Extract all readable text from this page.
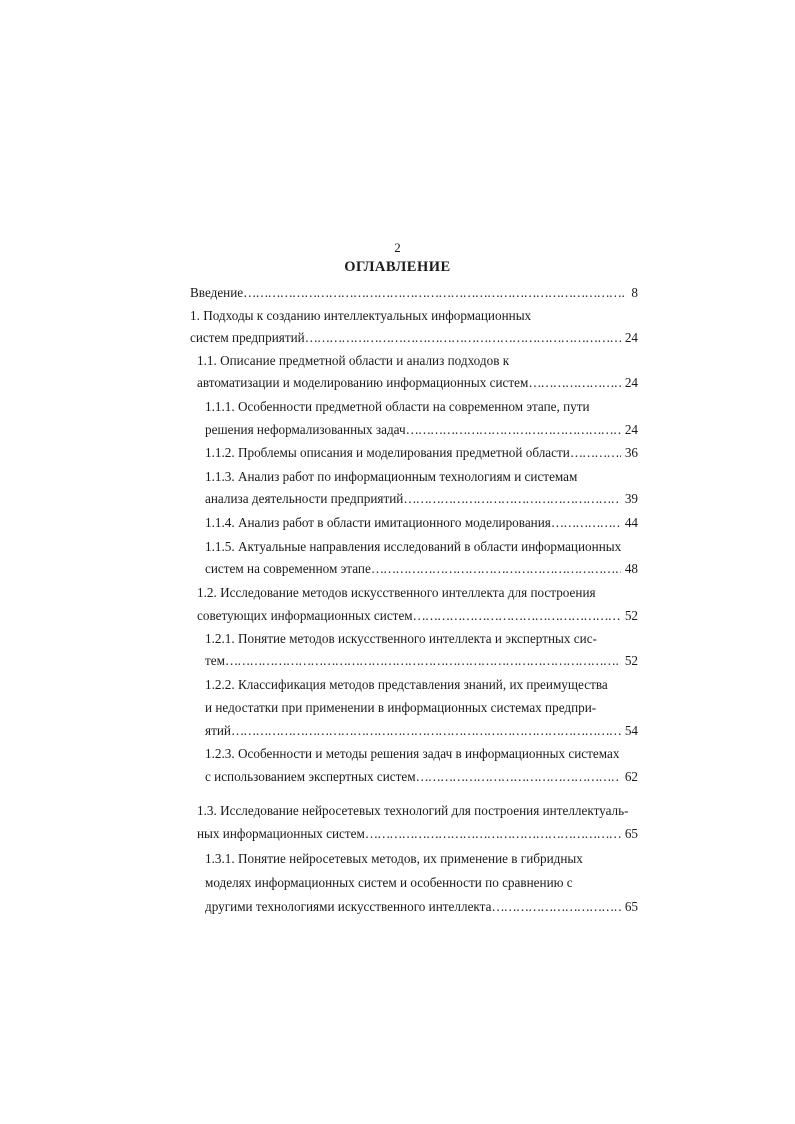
2
ОГЛАВЛЕНИЕ
Введение …………………………………………………………………………………………………………………………………………………………………………	8
1. Подходы к созданию интеллектуальных информационных
систем предприятий …………………………………………………………………………………………………………………………………………………………………………	24
1.1. Описание предметной области и анализ подходов к
автоматизации и моделированию информационных систем …………………………………………………………………………………………………………………………………………………………………………	24
1.1.1. Особенности предметной области на современном этапе, пути
решения неформализованных задач …………………………………………………………………………………………………………………………………………………………………………	24
1.1.2. Проблемы описания и моделирования предметной области …………………………………………………………………………………………………………………………………………………………………………	36
1.1.3. Анализ работ по информационным технологиям и системам
анализа деятельности предприятий …………………………………………………………………………………………………………………………………………………………………………	39
1.1.4. Анализ работ в области имитационного моделирования …………………………………………………………………………………………………………………………………………………………………………	44
1.1.5. Актуальные направления исследований в области информационных
систем на современном этапе …………………………………………………………………………………………………………………………………………………………………………	48
1.2. Исследование методов искусственного интеллекта для построения
советующих информационных систем …………………………………………………………………………………………………………………………………………………………………………	52
1.2.1. Понятие методов искусственного интеллекта и экспертных сис-
тем …………………………………………………………………………………………………………………………………………………………………………	52
1.2.2. Классификация методов представления знаний, их преимущества
и недостатки при применении в информационных системах предпри-
ятий …………………………………………………………………………………………………………………………………………………………………………	54
1.2.3. Особенности и методы решения задач в информационных системах
с использованием экспертных систем …………………………………………………………………………………………………………………………………………………………………………	62
1.3. Исследование нейросетевых технологий для построения интеллектуаль-
ных информационных систем …………………………………………………………………………………………………………………………………………………………………………	65
1.3.1. Понятие нейросетевых методов, их применение в гибридных
моделях информационных систем и особенности по сравнению с
другими технологиями искусственного интеллекта …………………………………………………………………………………………………………………………………………………………………………	65
